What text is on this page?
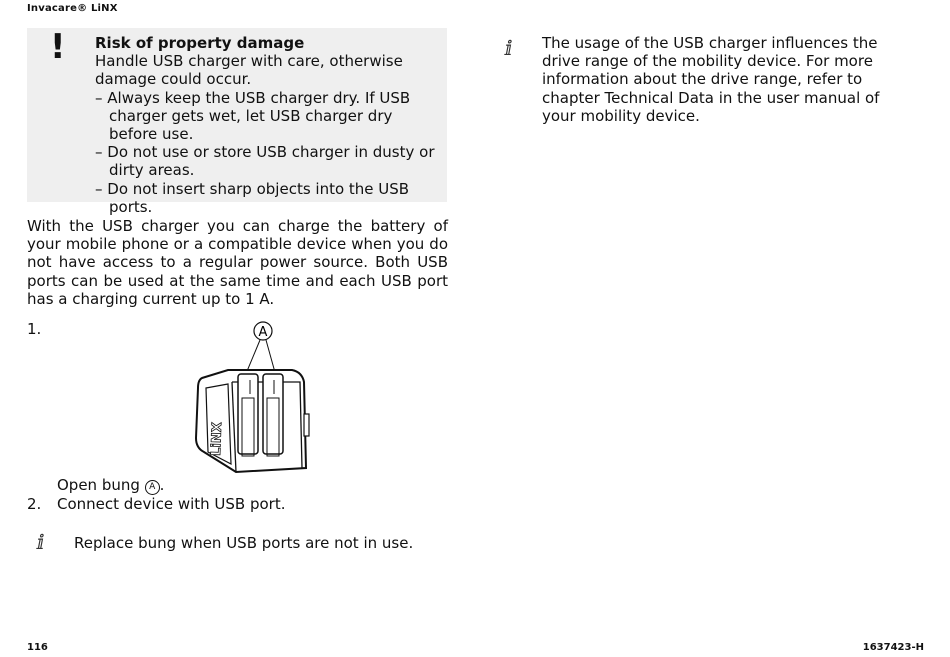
Invacare® LiNX
! Risk of property damage
Handle USB charger with care, otherwise damage could occur.
– Always keep the USB charger dry. If USB charger gets wet, let USB charger dry before use.
– Do not use or store USB charger in dusty or dirty areas.
– Do not insert sharp objects into the USB ports.

With the USB charger you can charge the battery of your mobile phone or a compatible device when you do not have access to a regular power source. Both USB ports can be used at the same time and each USB port has a charging current up to 1 A.

1.	A
LiNX
Open bung A .
2. Connect device with USB port.
ⅈ Replace bung when USB ports are not in use.
ⅈ The usage of the USB charger influences the drive range of the mobility device. For more information about the drive range, refer to chapter Technical Data in the user manual of your mobility device.

116	1637423-H
